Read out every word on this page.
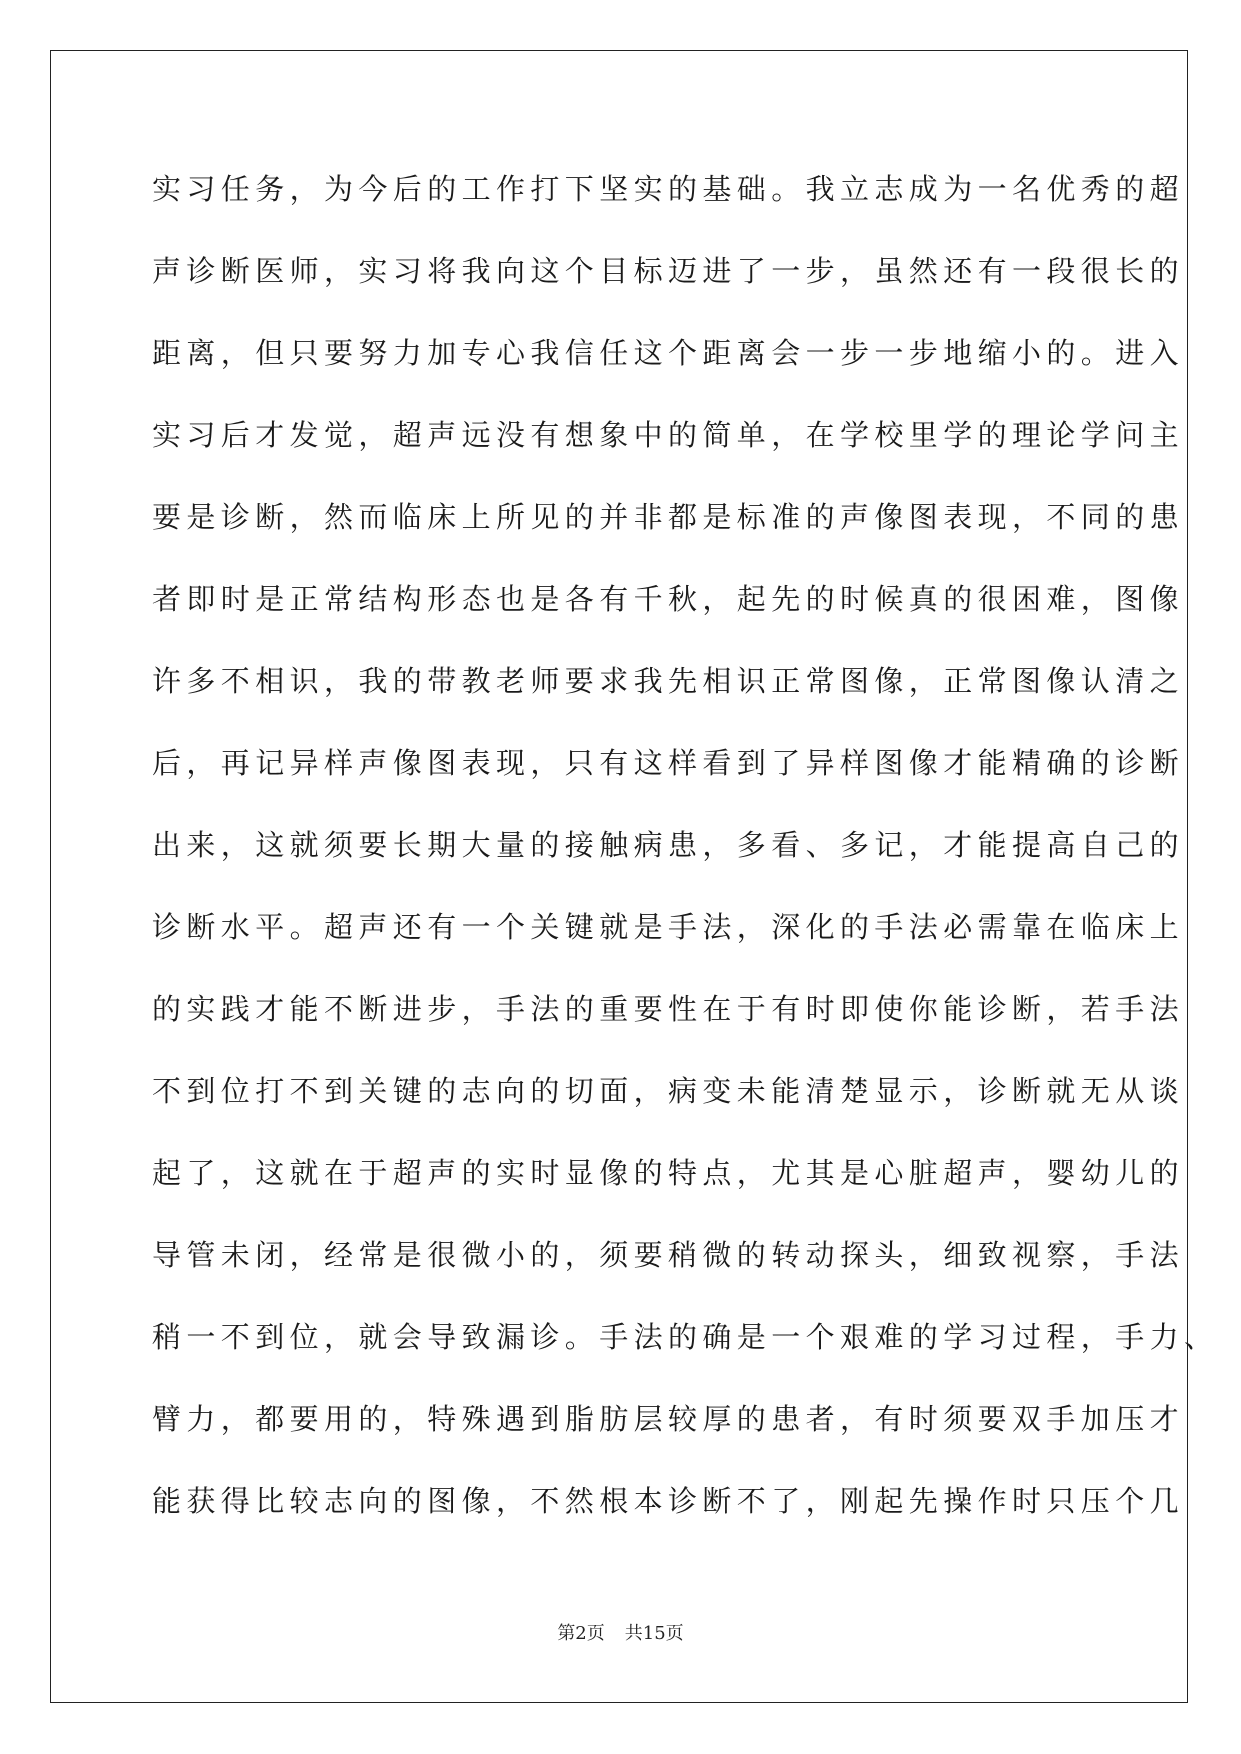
实习任务，为今后的工作打下坚实的基础。我立志成为一名优秀的超
声诊断医师，实习将我向这个目标迈进了一步，虽然还有一段很长的
距离，但只要努力加专心我信任这个距离会一步一步地缩小的。进入
实习后才发觉，超声远没有想象中的简单，在学校里学的理论学问主
要是诊断，然而临床上所见的并非都是标准的声像图表现，不同的患
者即时是正常结构形态也是各有千秋，起先的时候真的很困难，图像
许多不相识，我的带教老师要求我先相识正常图像，正常图像认清之
后，再记异样声像图表现，只有这样看到了异样图像才能精确的诊断
出来，这就须要长期大量的接触病患，多看、多记，才能提高自己的
诊断水平。超声还有一个关键就是手法，深化的手法必需靠在临床上
的实践才能不断进步，手法的重要性在于有时即使你能诊断，若手法
不到位打不到关键的志向的切面，病变未能清楚显示，诊断就无从谈
起了，这就在于超声的实时显像的特点，尤其是心脏超声，婴幼儿的
导管未闭，经常是很微小的，须要稍微的转动探头，细致视察，手法
稍一不到位，就会导致漏诊。手法的确是一个艰难的学习过程，手力、
臂力，都要用的，特殊遇到脂肪层较厚的患者，有时须要双手加压才
能获得比较志向的图像，不然根本诊断不了，刚起先操作时只压个几
第2页 共15页
